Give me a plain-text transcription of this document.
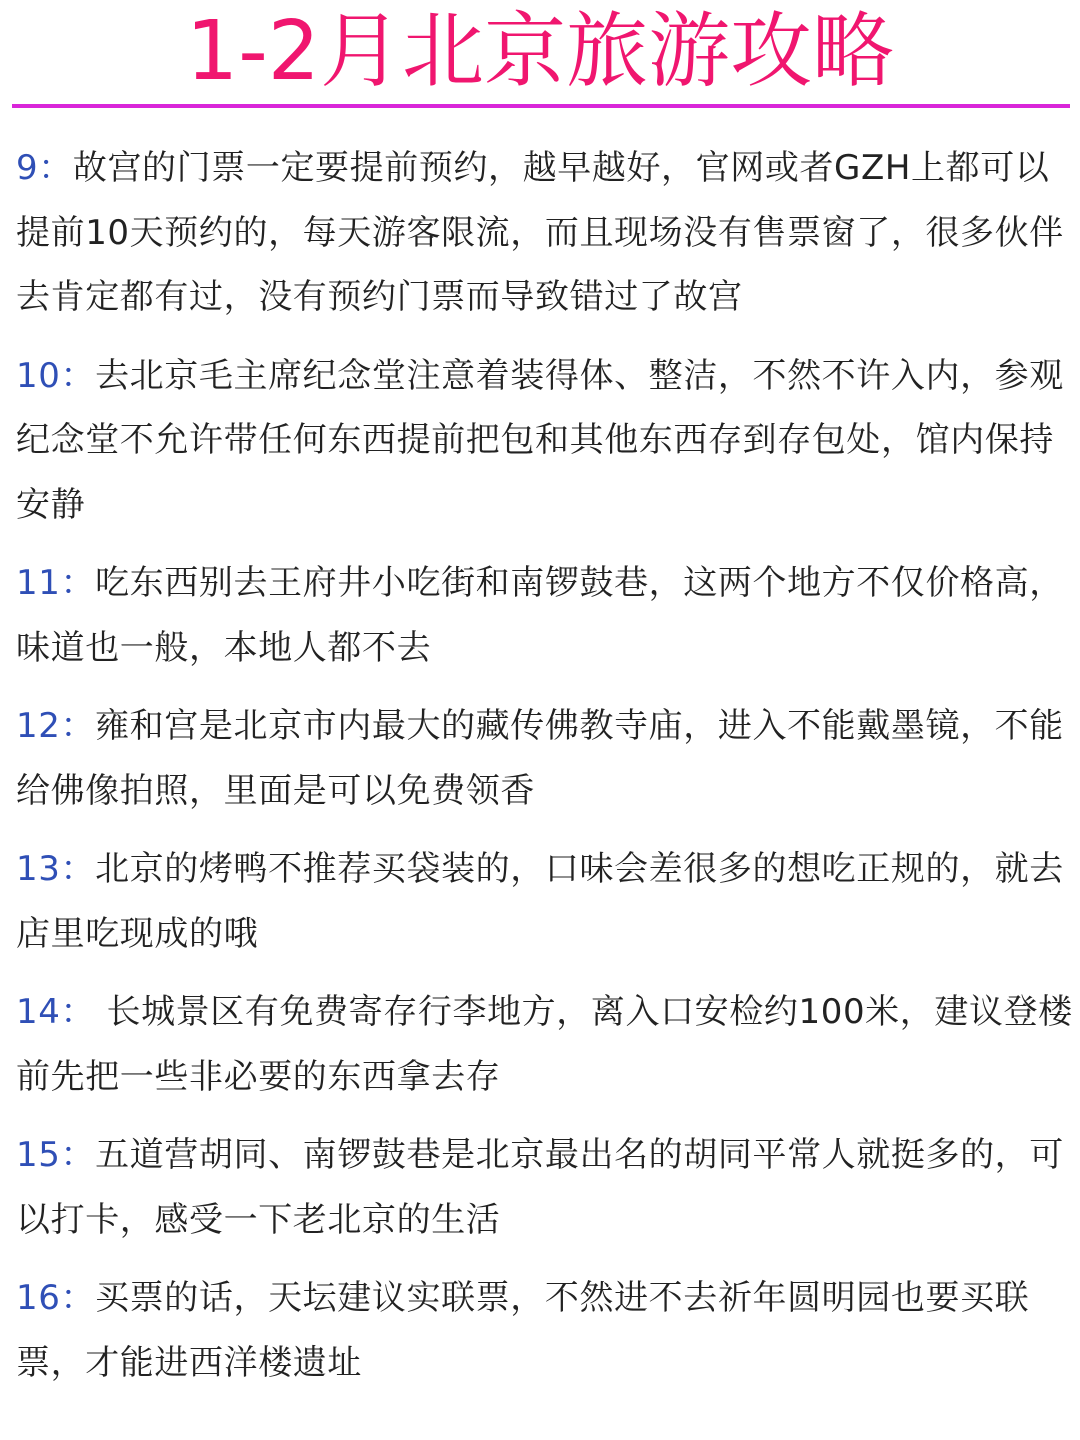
1-2月北京旅游攻略

9：故宫的门票一定要提前预约，越早越好，官网或者GZH上都可以提前10天预约的，每天游客限流，而且现场没有售票窗了，很多伙伴去肯定都有过，没有预约门票而导致错过了故宫

10：去北京毛主席纪念堂注意着装得体、整洁，不然不许入内，参观纪念堂不允许带任何东西提前把包和其他东西存到存包处，馆内保持安静

11：吃东西别去王府井小吃街和南锣鼓巷，这两个地方不仅价格高，味道也一般，本地人都不去

12：雍和宫是北京市内最大的藏传佛教寺庙，进入不能戴墨镜，不能给佛像拍照，里面是可以免费领香

13：北京的烤鸭不推荐买袋装的，口味会差很多的想吃正规的，就去店里吃现成的哦

14： 长城景区有免费寄存行李地方，离入口安检约100米，建议登楼前先把一些非必要的东西拿去存

15：五道营胡同、南锣鼓巷是北京最出名的胡同平常人就挺多的，可以打卡，感受一下老北京的生活

16：买票的话，天坛建议实联票，不然进不去祈年圆明园也要买联票，才能进西洋楼遗址
